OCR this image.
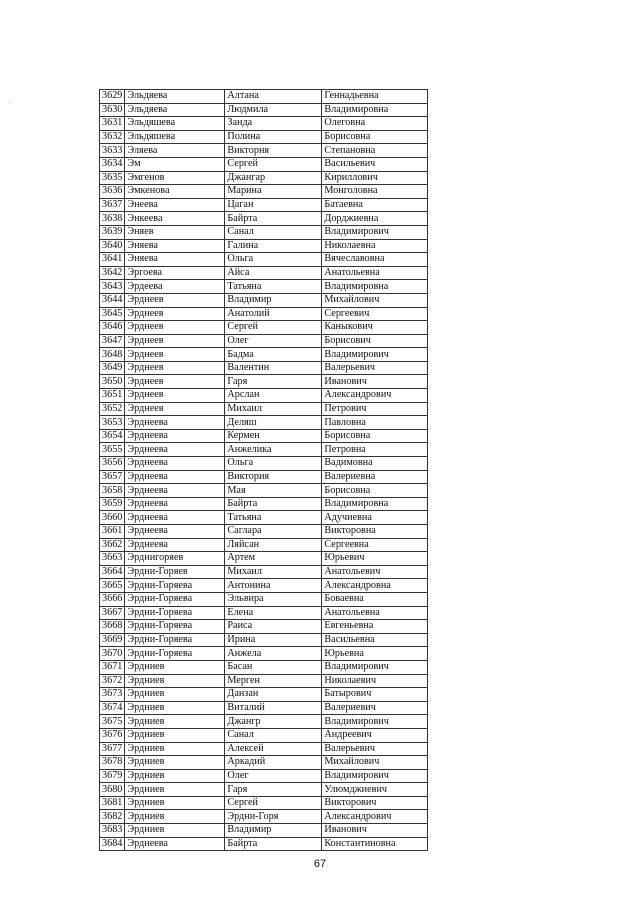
.	3629	Эльдяева	Алтана	Геннадьевна
3630	Эльдяева	Людмила	Владимировна
3631	Эльдяшева	Занда	Олеговна
3632	Эльдяшева	Полина	Борисовна
3633	Эляева	Викторня	Степановна
3634	Эм	Сергей	Васильевич
3635	Эмгенов	Джангар	Кириллович
3636	Эмкенова	Марина	Монголовна
3637	Энеева	Цаган	Батаевна
3638	Энкеева	Байрта	Дорджиевна
3639	Эняев	Санал	Владимирович
3640	Эняева	Галина	Николаевна
3641	Эняева	Ольга	Вячеславовна
3642	Эргоева	Айса	Анатольевна
3643	Эрдеева	Татьяна	Владимировна
3644	Эрднеев	Владимир	Михайлович
3645	Эрднеев	Анатолий	Сергеевич
3646	Эрднеев	Сергей	Каныкович
3647	Эрднеев	Олег	Борисович
3648	Эрднеев	Бадма	Владимирович
3649	Эрднеев	Валентин	Валерьевич
3650	Эрднеев	Гаря	Иванович
3651	Эрднеев	Арслан	Александрович
3652	Эрднеев	Михаил	Петрович
3653	Эрднеева	Деляш	Павловна
3654	Эрднеева	Кермен	Борисовна
3655	Эрднеева	Анжелика	Петровна
3656	Эрднеева	Ольга	Вадимовна
3657	Эрднеева	Виктория	Валериевна
3658	Эрднеева	Мая	Борисовна
3659	Эрднеева	Байрта	Владимировна
3660	Эрднеева	Татьяна	Адучиевна
3661	Эрднеева	Саглара	Викторовна
3662	Эрднеева	Ляйсан	Сергеевна
3663	Эрднигоряев	Артем	Юрьевич
3664	Эрдни-Горяев	Михаил	Анатольевич
3665	Эрдни-Горяева	Антонина	Александровна
3666	Эрдни-Горяева	Эльвира	Боваевна
3667	Эрдни-Горяева	Елена	Анатольевна
3668	Эрдни-Горяева	Раиса	Евгеньевна
3669	Эрдни-Горяева	Ирина	Васильевна
3670	Эрдни-Горяева	Анжела	Юрьевна
3671	Эрдниев	Басан	Владимирович
3672	Эрдниев	Мерген	Николаевич
3673	Эрдниев	Данзан	Батырович
3674	Эрдниев	Виталий	Валериевич
3675	Эрдниев	Джангр	Владимирович
3676	Эрдниев	Санал	Андреевич
3677	Эрдниев	Алексей	Валерьевич
3678	Эрдниев	Аркадий	Михайлович
3679	Эрдниев	Олег	Владимирович
3680	Эрдниев	Гаря	Улюмджиевич
3681	Эрдниев	Сергей	Викторович
3682	Эрдниев	Эрдни-Горя	Александрович
3683	Эрдниев	Владимир	Иванович
3684	Эрднеева	Байрта	Константиновна
67
